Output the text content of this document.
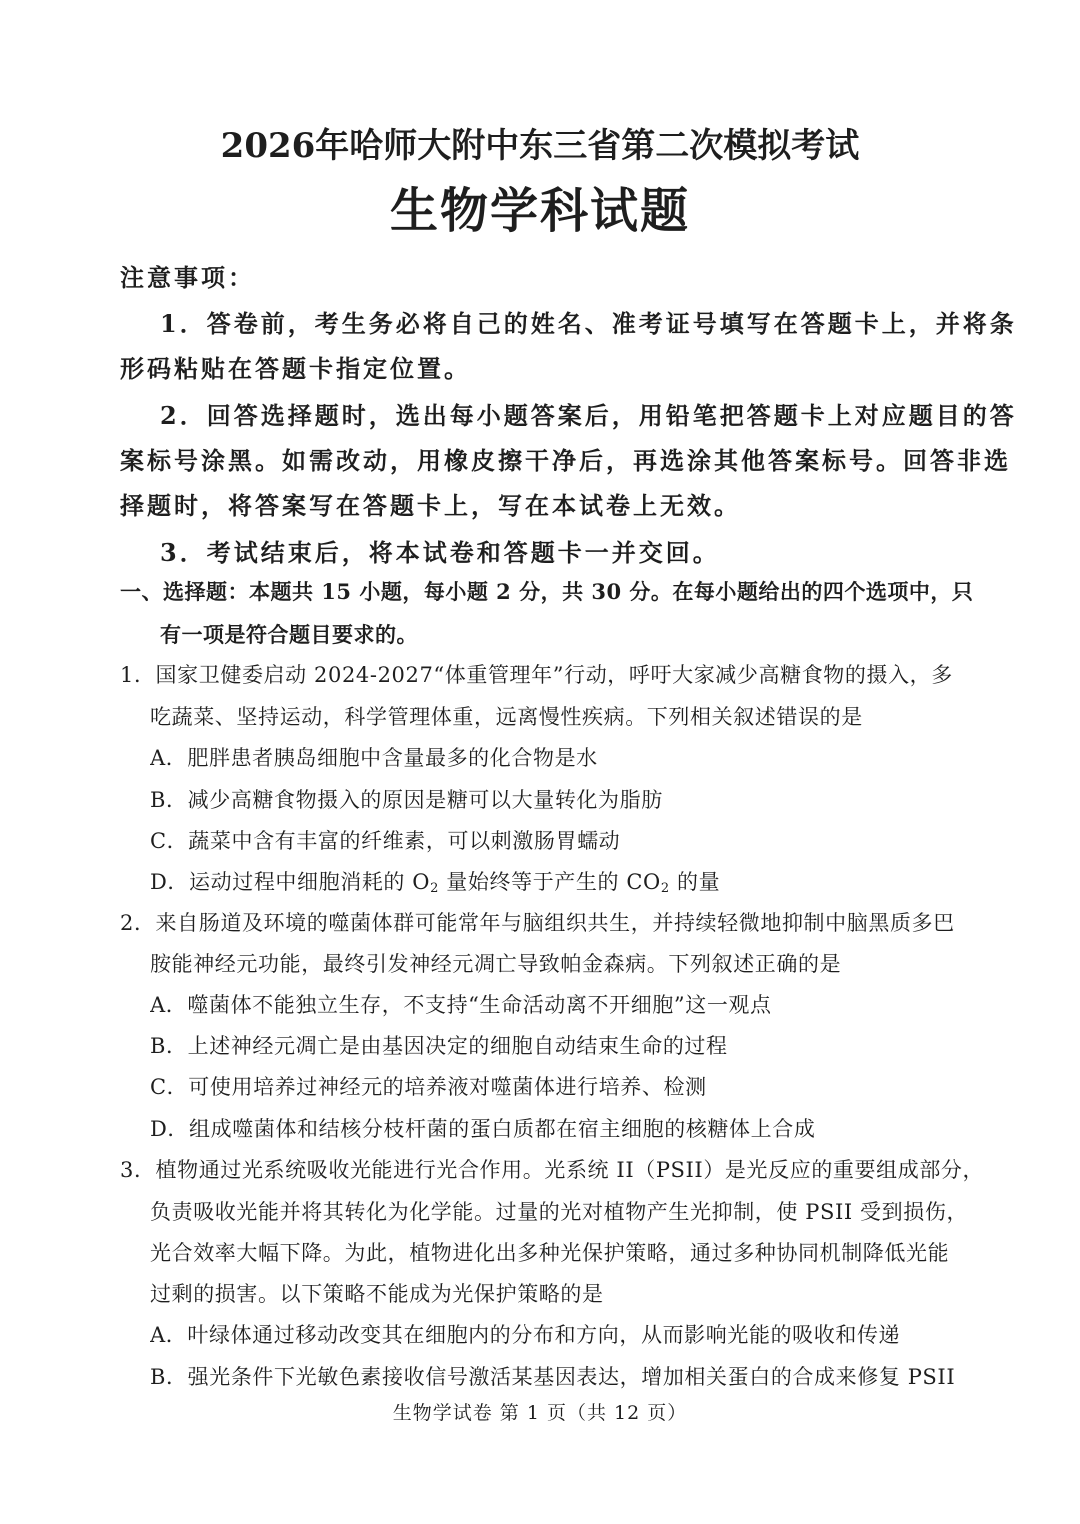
2026年哈师大附中东三省第二次模拟考试
生物学科试题
注意事项：
1．答卷前，考生务必将自己的姓名、准考证号填写在答题卡上，并将条
形码粘贴在答题卡指定位置。
2．回答选择题时，选出每小题答案后，用铅笔把答题卡上对应题目的答
案标号涂黑。如需改动，用橡皮擦干净后，再选涂其他答案标号。回答非选
择题时，将答案写在答题卡上，写在本试卷上无效。
3．考试结束后，将本试卷和答题卡一并交回。
一、选择题：本题共 15 小题，每小题 2 分，共 30 分。在每小题给出的四个选项中，只
有一项是符合题目要求的。
1．国家卫健委启动 2024-2027“体重管理年”行动，呼吁大家减少高糖食物的摄入，多
吃蔬菜、坚持运动，科学管理体重，远离慢性疾病。下列相关叙述错误的是
A．肥胖患者胰岛细胞中含量最多的化合物是水
B．减少高糖食物摄入的原因是糖可以大量转化为脂肪
C．蔬菜中含有丰富的纤维素，可以刺激肠胃蠕动
D．运动过程中细胞消耗的 $O_2$ 量始终等于产生的 $CO_2$ 的量
2．来自肠道及环境的噬菌体群可能常年与脑组织共生，并持续轻微地抑制中脑黑质多巴
胺能神经元功能，最终引发神经元凋亡导致帕金森病。下列叙述正确的是
A．噬菌体不能独立生存，不支持“生命活动离不开细胞”这一观点
B．上述神经元凋亡是由基因决定的细胞自动结束生命的过程
C．可使用培养过神经元的培养液对噬菌体进行培养、检测
D．组成噬菌体和结核分枝杆菌的蛋白质都在宿主细胞的核糖体上合成
3．植物通过光系统吸收光能进行光合作用。光系统 II（PSII）是光反应的重要组成部分，
负责吸收光能并将其转化为化学能。过量的光对植物产生光抑制，使 PSII 受到损伤，
光合效率大幅下降。为此，植物进化出多种光保护策略，通过多种协同机制降低光能
过剩的损害。以下策略不能成为光保护策略的是
A．叶绿体通过移动改变其在细胞内的分布和方向，从而影响光能的吸收和传递
B．强光条件下光敏色素接收信号激活某基因表达，增加相关蛋白的合成来修复 PSII
生物学试卷 第 1 页（共 12 页）
